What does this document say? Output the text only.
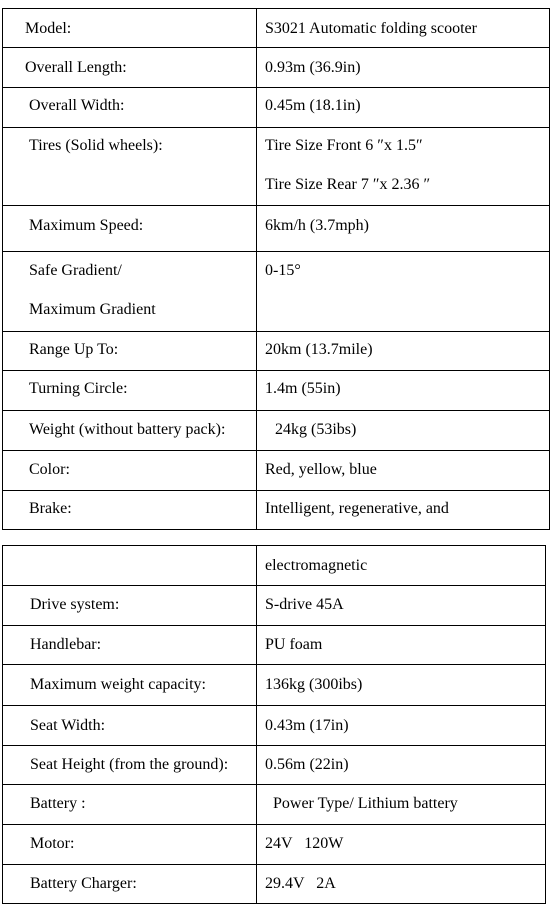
Model:	S3021 Automatic folding scooter

Overall Length:	0.93m (36.9in)

Overall Width:	0.45m (18.1in)

Tires (Solid wheels):	Tire Size Front 6 ″x 1.5″
Tire Size Rear 7 ″x 2.36 ″

Maximum Speed:	6km/h (3.7mph)

Safe Gradient/
Maximum Gradient	0-15°

Range Up To:	20km (13.7mile)

Turning Circle:	1.4m (55in)

Weight (without battery pack):	24kg (53ibs)

Color:	Red, yellow, blue

Brake:	Intelligent, regenerative, and

	electromagnetic

Drive system:	S-drive 45A

Handlebar:	PU foam

Maximum weight capacity:	136kg (300ibs)

Seat Width:	0.43m (17in)

Seat Height (from the ground):	0.56m (22in)

Battery :	Power Type/ Lithium battery

Motor:	24V   120W

Battery Charger:	29.4V   2A
